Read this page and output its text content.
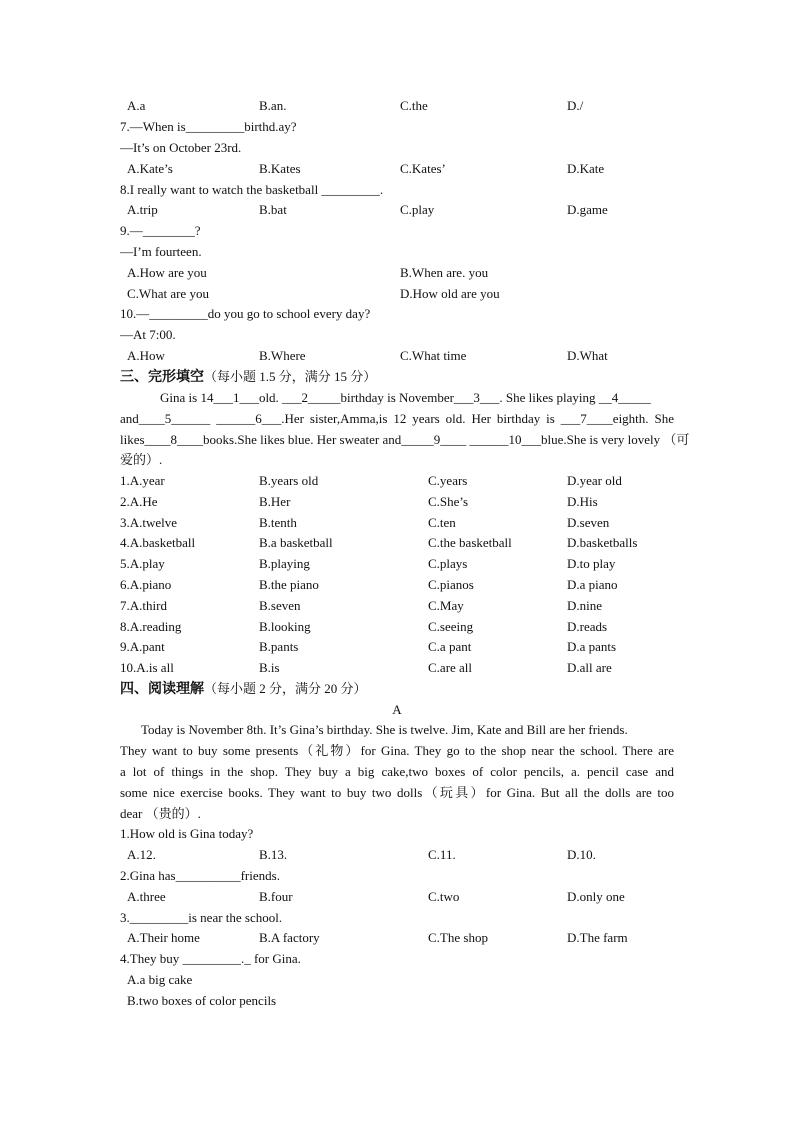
A.a	B.an.	C.the	D./
7.—When is_________birthd.ay?
—It’s on October 23rd.
A.Kate’s	B.Kates	C.Kates’	D.Kate
8.I really want to watch the basketball _________.
A.trip	B.bat	C.play	D.game
9.—________?
—I’m fourteen.
A.How are you	B.When are. you
C.What are you	D.How old are you
10.—_________do you go to school every day?
—At 7:00.
A.How	B.Where	C.What time	D.What
三、完形填空（每小题 1.5 分，满分 15 分）
Gina is 14___1___old. ___2_____birthday is November___3___. She likes playing __4_____
and____5______ ______6___.Her sister,Amma,is 12 years old. Her birthday is ___7____eighth. She
likes____8____books.She likes blue. Her sweater and_____9____ ______10___blue.She is very lovely （可
爱的）.
1.A.year	B.years old	C.years	D.year old
2.A.He	B.Her	C.She’s	D.His
3.A.twelve	B.tenth	C.ten	D.seven
4.A.basketball	B.a basketball	C.the basketball	D.basketballs
5.A.play	B.playing	C.plays	D.to play
6.A.piano	B.the piano	C.pianos	D.a piano
7.A.third	B.seven	C.May	D.nine
8.A.reading	B.looking	C.seeing	D.reads
9.A.pant	B.pants	C.a pant	D.a pants
10.A.is all	B.is	C.are all	D.all are
四、阅读理解（每小题 2 分，满分 20 分）
A
Today is November 8th. It’s Gina’s birthday. She is twelve. Jim, Kate and Bill are her friends.
They want to buy some presents（礼物）for Gina. They go to the shop near the school. There are
a lot of things in the shop. They buy a big cake,two boxes of color pencils, a. pencil case and
some nice exercise books. They want to buy two dolls（玩具）for Gina. But all the dolls are too
dear （贵的）.
1.How old is Gina today?
A.12.	B.13.	C.11.	D.10.
2.Gina has__________friends.
A.three	B.four	C.two	D.only one
3._________is near the school.
A.Their home	B.A factory	C.The shop	D.The farm
4.They buy _________._ for Gina.
A.a big cake
B.two boxes of color pencils
